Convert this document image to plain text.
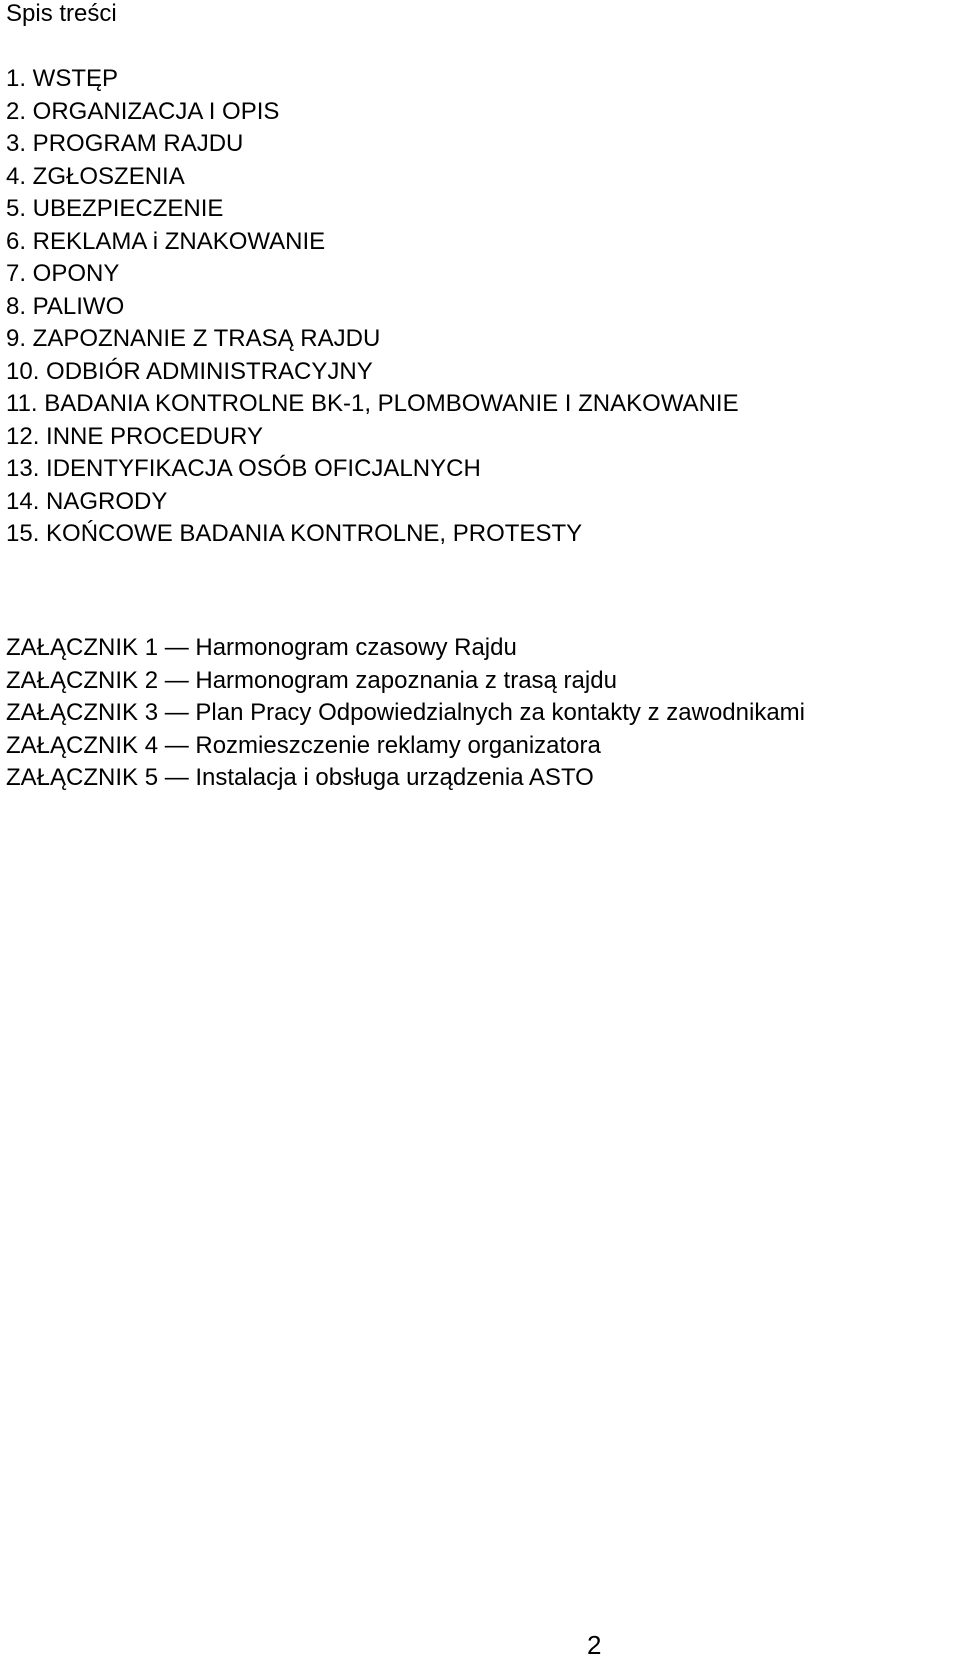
Spis treści
1. WSTĘP
2. ORGANIZACJA I OPIS
3. PROGRAM RAJDU
4. ZGŁOSZENIA
5. UBEZPIECZENIE
6. REKLAMA i ZNAKOWANIE
7. OPONY
8. PALIWO
9. ZAPOZNANIE Z TRASĄ RAJDU
10. ODBIÓR ADMINISTRACYJNY
11. BADANIA KONTROLNE BK-1, PLOMBOWANIE I ZNAKOWANIE
12. INNE PROCEDURY
13. IDENTYFIKACJA OSÓB OFICJALNYCH
14. NAGRODY
15. KOŃCOWE BADANIA KONTROLNE, PROTESTY
ZAŁĄCZNIK 1 — Harmonogram czasowy Rajdu
ZAŁĄCZNIK 2 — Harmonogram zapoznania z trasą rajdu
ZAŁĄCZNIK 3 — Plan Pracy Odpowiedzialnych za kontakty z zawodnikami
ZAŁĄCZNIK 4 — Rozmieszczenie reklamy organizatora
ZAŁĄCZNIK 5 — Instalacja i obsługa urządzenia ASTO
2
